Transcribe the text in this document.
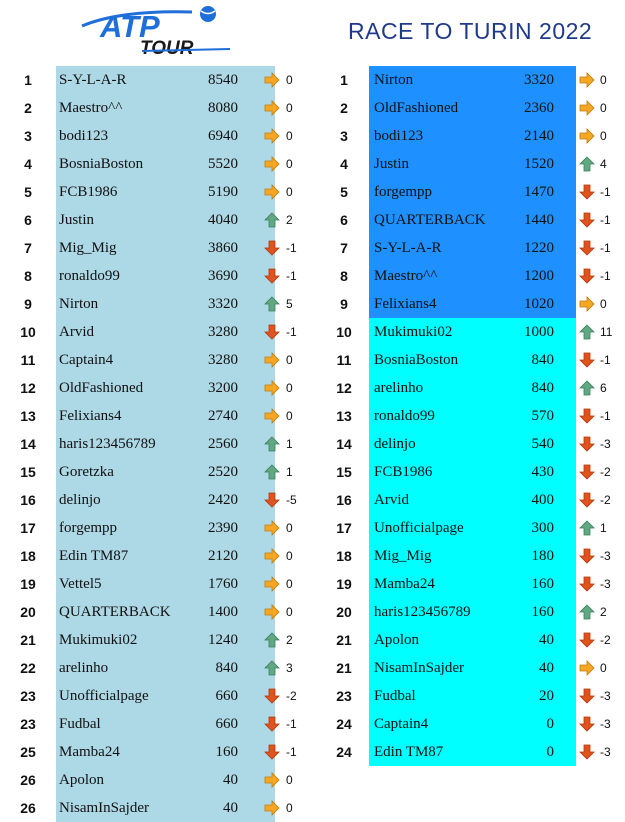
ATP
TOUR
RACE TO TURIN 2022
1	S-Y-L-A-R	8540	0
2	Maestro^^	8080	0
3	bodi123	6940	0
4	BosniaBoston	5520	0
5	FCB1986	5190	0
6	Justin	4040	2
7	Mig_Mig	3860	-1
8	ronaldo99	3690	-1
9	Nirton	3320	5
10	Arvid	3280	-1
11	Captain4	3280	0
12	OldFashioned	3200	0
13	Felixians4	2740	0
14	haris123456789	2560	1
15	Goretzka	2520	1
16	delinjo	2420	-5
17	forgempp	2390	0
18	Edin TM87	2120	0
19	Vettel5	1760	0
20	QUARTERBACK	1400	0
21	Mukimuki02	1240	2
22	arelinho	840	3
23	Unofficialpage	660	-2
23	Fudbal	660	-1
25	Mamba24	160	-1
26	Apolon	40	0
26	NisamInSajder	40	0
1	Nirton	3320	0
2	OldFashioned	2360	0
3	bodi123	2140	0
4	Justin	1520	4
5	forgempp	1470	-1
6	QUARTERBACK	1440	-1
7	S-Y-L-A-R	1220	-1
8	Maestro^^	1200	-1
9	Felixians4	1020	0
10	Mukimuki02	1000	11
11	BosniaBoston	840	-1
12	arelinho	840	6
13	ronaldo99	570	-1
14	delinjo	540	-3
15	FCB1986	430	-2
16	Arvid	400	-2
17	Unofficialpage	300	1
18	Mig_Mig	180	-3
19	Mamba24	160	-3
20	haris123456789	160	2
21	Apolon	40	-2
21	NisamInSajder	40	0
23	Fudbal	20	-3
24	Captain4	0	-3
24	Edin TM87	0	-3
